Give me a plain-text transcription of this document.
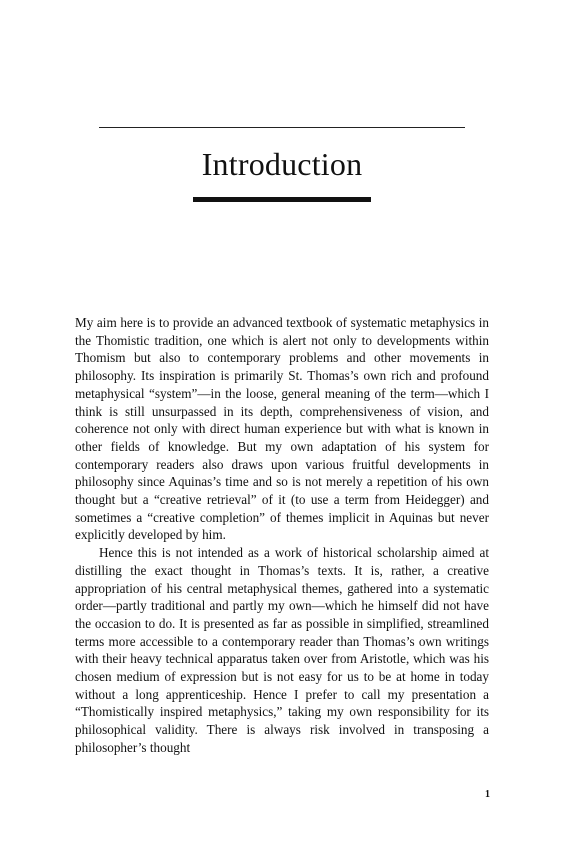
Introduction

My aim here is to provide an advanced textbook of systematic metaphysics in the Thomistic tradition, one which is alert not only to developments within Thomism but also to contemporary problems and other movements in philosophy. Its inspiration is primarily St. Thomas’s own rich and profound metaphysical “system”—in the loose, general meaning of the term—which I think is still unsurpassed in its depth, comprehensiveness of vision, and coherence not only with direct human experience but with what is known in other fields of knowledge. But my own adaptation of his system for contemporary readers also draws upon various fruitful developments in philosophy since Aquinas’s time and so is not merely a repetition of his own thought but a “creative retrieval” of it (to use a term from Heidegger) and sometimes a “creative completion” of themes implicit in Aquinas but never explicitly developed by him.

Hence this is not intended as a work of historical scholarship aimed at distilling the exact thought in Thomas’s texts. It is, rather, a creative appropriation of his central metaphysical themes, gathered into a systematic order—partly traditional and partly my own—which he himself did not have the occasion to do. It is presented as far as possible in simplified, streamlined terms more accessible to a contemporary reader than Thomas’s own writings with their heavy technical apparatus taken over from Aristotle, which was his chosen medium of expression but is not easy for us to be at home in today without a long apprenticeship. Hence I prefer to call my presentation a “Thomistically inspired metaphysics,” taking my own responsibility for its philosophical validity. There is always risk involved in transposing a philosopher’s thought

1
